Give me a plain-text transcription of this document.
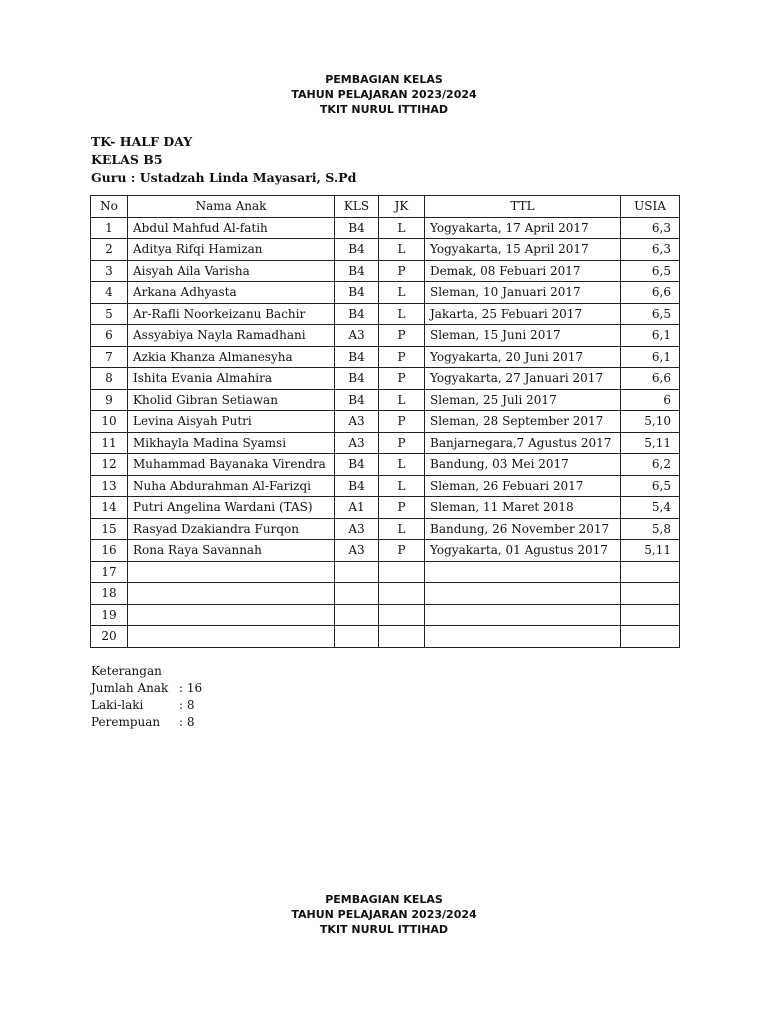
PEMBAGIAN KELAS
TAHUN PELAJARAN 2023/2024
TKIT NURUL ITTIHAD
TK- HALF DAY
KELAS B5
Guru : Ustadzah Linda Mayasari, S.Pd
No	Nama Anak	KLS	JK	TTL	USIA
1	Abdul Mahfud Al-fatih	B4	L	Yogyakarta, 17 April 2017	6,3
2	Aditya Rifqi Hamizan	B4	L	Yogyakarta, 15 April 2017	6,3
3	Aisyah Aila Varisha	B4	P	Demak, 08 Febuari 2017	6,5
4	Arkana Adhyasta	B4	L	Sleman, 10 Januari 2017	6,6
5	Ar-Rafli Noorkeizanu Bachir	B4	L	Jakarta, 25 Febuari 2017	6,5
6	Assyabiya Nayla Ramadhani	A3	P	Sleman, 15 Juni 2017	6,1
7	Azkia Khanza Almanesyha	B4	P	Yogyakarta, 20 Juni 2017	6,1
8	Ishita Evania Almahira	B4	P	Yogyakarta, 27 Januari 2017	6,6
9	Kholid Gibran Setiawan	B4	L	Sleman, 25 Juli 2017	6
10	Levina Aisyah Putri	A3	P	Sleman, 28 September 2017	5,10
11	Mikhayla Madina Syamsi	A3	P	Banjarnegara,7 Agustus 2017	5,11
12	Muhammad Bayanaka Virendra	B4	L	Bandung, 03 Mei 2017	6,2
13	Nuha Abdurahman Al-Farizqi	B4	L	Sleman, 26 Febuari 2017	6,5
14	Putri Angelina Wardani (TAS)	A1	P	Sleman, 11 Maret 2018	5,4
15	Rasyad Dzakiandra Furqon	A3	L	Bandung, 26 November 2017	5,8
16	Rona Raya Savannah	A3	P	Yogyakarta, 01 Agustus 2017	5,11
17					
18					
19					
20					
Keterangan
Jumlah Anak : 16
Laki-laki	: 8
Perempuan : 8
PEMBAGIAN KELAS
TAHUN PELAJARAN 2023/2024
TKIT NURUL ITTIHAD
